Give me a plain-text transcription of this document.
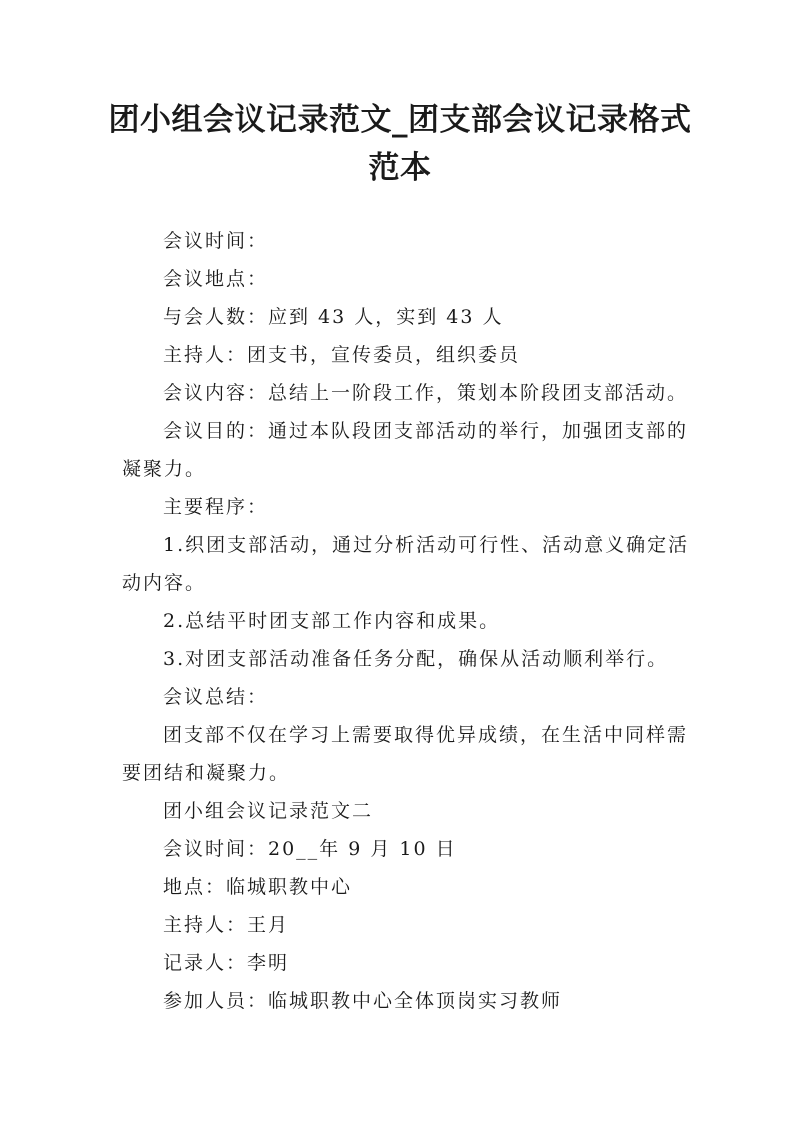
团小组会议记录范文_团支部会议记录格式范本

会议时间：

会议地点：

与会人数：应到 43 人，实到 43 人

主持人：团支书，宣传委员，组织委员

会议内容：总结上一阶段工作，策划本阶段团支部活动。

会议目的：通过本队段团支部活动的举行，加强团支部的凝聚力。

主要程序：

1.织团支部活动，通过分析活动可行性、活动意义确定活动内容。

2.总结平时团支部工作内容和成果。

3.对团支部活动准备任务分配，确保从活动顺利举行。

会议总结：

团支部不仅在学习上需要取得优异成绩，在生活中同样需要团结和凝聚力。

团小组会议记录范文二

会议时间：20__年 9 月 10 日

地点：临城职教中心

主持人：王月

记录人：李明

参加人员：临城职教中心全体顶岗实习教师
